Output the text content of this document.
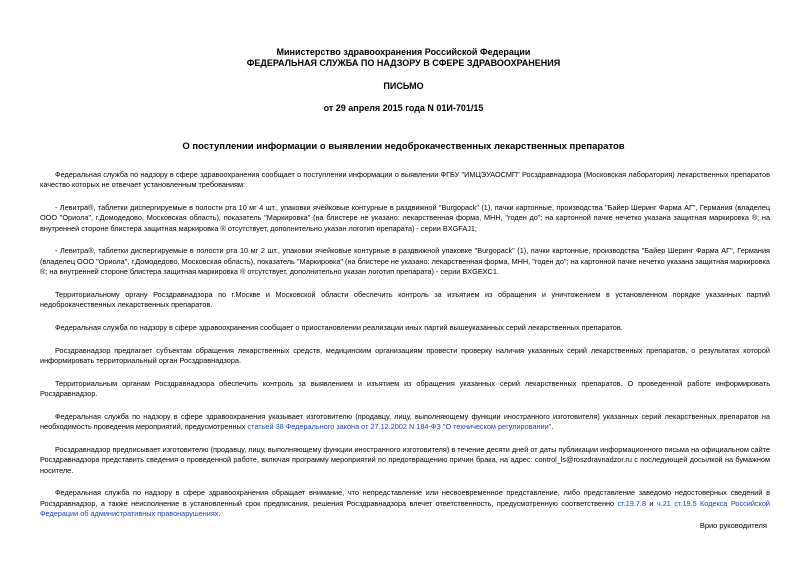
Министерство здравоохранения Российской Федерации
ФЕДЕРАЛЬНАЯ СЛУЖБА ПО НАДЗОРУ В СФЕРЕ ЗДРАВООХРАНЕНИЯ
ПИСЬМО
от 29 апреля 2015 года N 01И-701/15
О поступлении информации о выявлении недоброкачественных лекарственных препаратов

Федеральная служба по надзору в сфере здравоохранения сообщает о поступлении информации о выявлении ФГБУ "ИМЦЭУАОСМП" Росздравнадзора (Московская лаборатория) лекарственных препаратов качество которых не отвечает установленным требованиям:

- Левитра®, таблетки диспергируемые в полости рта 10 мг 4 шт., упаковки ячейковые контурные в раздвижной "Burgopack" (1), пачки картонные, производства "Байер Шеринг Фарма АГ", Германия (владелец ООО "Ориола", г.Домодедово, Московская область), показатель "Маркировка" (на блистере не указано: лекарственная форма, МНН, "годен до"; на картонной пачке нечетко указана защитная маркировка ®; на внутренней стороне блистера защитная маркировка ® отсутствует, дополнительно указан логотип препарата) - серии BXGFAJ1;

- Левитра®, таблетки диспергируемые в полости рта 10 мг 2 шт., упаковки ячейковые контурные в раздвижной упаковке "Burgopack" (1), пачки картонные, производства "Байер Шеринг Фарма АГ", Германия (владелец ООО "Ориола", г.Домодедово, Московская область), показатель "Маркировка" (на блистере не указано: лекарственная форма, МНН, "годен до"; на картонной пачке нечетко указана защитная маркировка ®; на внутренней стороне блистера защитная маркировка ® отсутствует, дополнительно указан логотип препарата) - серии BXGEXC1.

Территориальному органу Росздравнадзора по г.Москве и Московской области обеспечить контроль за изъятием из обращения и уничтожением в установленном порядке указанных партий недоброкачественных лекарственных препаратов.

Федеральная служба по надзору в сфере здравоохранения сообщает о приостановлении реализации иных партий вышеуказанных серий лекарственных препаратов.

Росздравнадзор предлагает субъектам обращения лекарственных средств, медицинским организациям провести проверку наличия указанных серий лекарственных препаратов, о результатах которой информировать территориальный орган Росздравнадзора.

Территориальным органам Росздравнадзора обеспечить контроль за выявлением и изъятием из обращения указанных серий лекарственных препаратов. О проведенной работе информировать Росздравнадзор.

Федеральная служба по надзору в сфере здравоохранения указывает изготовителю (продавцу, лицу, выполняющему функции иностранного изготовителя) указанных серий лекарственных препаратов на необходимость проведения мероприятий, предусмотренных статьей 38 Федерального закона от 27.12.2002 N 184-ФЗ "О техническом регулировании".

Росздравнадзор предписывает изготовителю (продавцу, лицу, выполняющему функции иностранного изготовителя) в течение десяти дней от даты публикации информационного письма на официальном сайте Росздравнадзора представить сведения о проведенной работе, включая программу мероприятий по предотвращению причин брака, на адрес: control_ls@roszdravnadzor.ru с последующей досылкой на бумажном носителе.

Федеральная служба по надзору в сфере здравоохранения обращает внимание, что непредставление или несвоевременное представление, либо представление заведомо недостоверных сведений в Росздравнадзор, а также неисполнение в установленный срок предписания, решения Росздравнадзора влечет ответственность, предусмотренную соответственно ст.19.7.8 и ч.21 ст.19.5 Кодекса Российской Федерации об административных правонарушениях.

Врио руководителя
